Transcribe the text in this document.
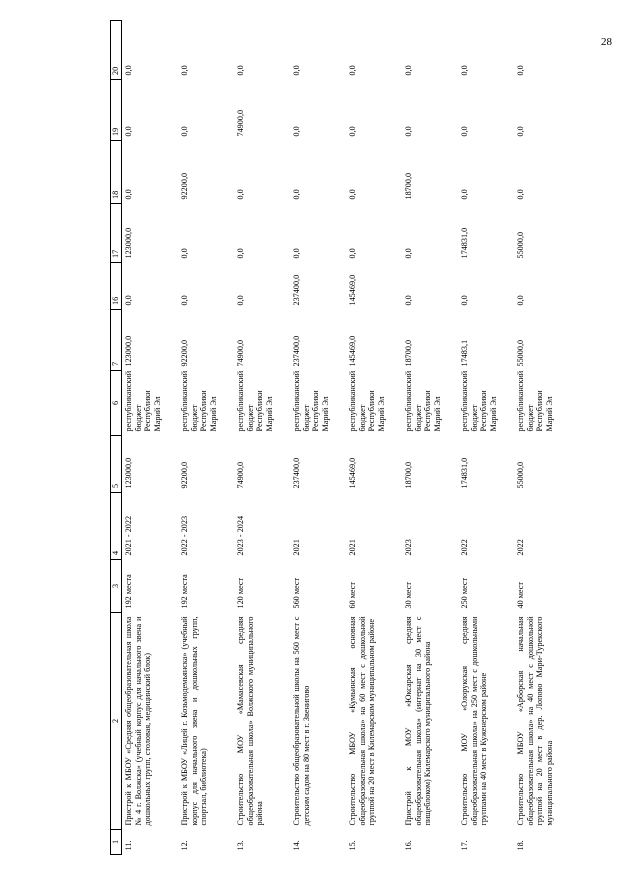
28
1	2	3	4	5	6	7	16	17	18	19	20
11.	Пристрой к МБОУ «Средняя общеобразовательная школа № 4 г. Волжска» (учебный корпус для начального звена и дошкольных групп, столовая, медицинский блок)	192 места	2021 - 2022	123000,0	республиканский бюджет Республики Марий Эл	123000,0	0,0	123000,0	0,0	0,0	0,0
12.	Пристрой к МБОУ «Лицей г. Козьмодемьянска» (учебный корпус для начального звена и дошкольных групп, спортзал, библиотека)	192 места	2022 - 2023	92200,0	республиканский бюджет Республики Марий Эл	92200,0	0,0	0,0	92200,0	0,0	0,0
13.	Строительство МОУ «Мамасевская средняя общеобразовательная школа» Волжского муниципального района	120 мест	2023 - 2024	74900,0	республиканский бюджет Республики Марий Эл	74900,0	0,0	0,0	0,0	74900,0	0,0
14.	Строительство общеобразовательной школы на 560 мест с детским садом на 80 мест в г. Звенигово	560 мест	2021	237400,0	республиканский бюджет Республики Марий Эл	237400,0	237400,0	0,0	0,0	0,0	0,0
15.	Строительство МБОУ «Кумьинская основная общеобразовательная школа» на 60 мест с дошкольной группой на 20 мест в Килемарском муниципальном районе	60 мест	2021	145469,0	республиканский бюджет Республики Марий Эл	145469,0	145469,0	0,0	0,0	0,0	0,0
16.	Пристрой к МОУ «Юксарская средняя общеобразовательная школа» (интернат на 30 мест с пищеблоком) Килемарского муниципального района	30 мест	2023	18700,0	республиканский бюджет Республики Марий Эл	18700,0	0,0	0,0	18700,0	0,0	0,0
17.	Строительство МОУ «Олорукская средняя общеобразовательная школа» на 250 мест с дошкольными группами на 40 мест в Куженерском районе	250 мест	2022	174831,0	республиканский бюджет Республики Марий Эл	17483,1	0,0	174831,0	0,0	0,0	0,0
18.	Строительство МБОУ «Арборская начальная общеобразовательная школа» на 40 мест с дошкольной группой на 20 мест в дер. Лопово Мари-Турекского муниципального района	40 мест	2022	55000,0	республиканский бюджет Республики Марий Эл	55000,0	0,0	55000,0	0,0	0,0	0,0
